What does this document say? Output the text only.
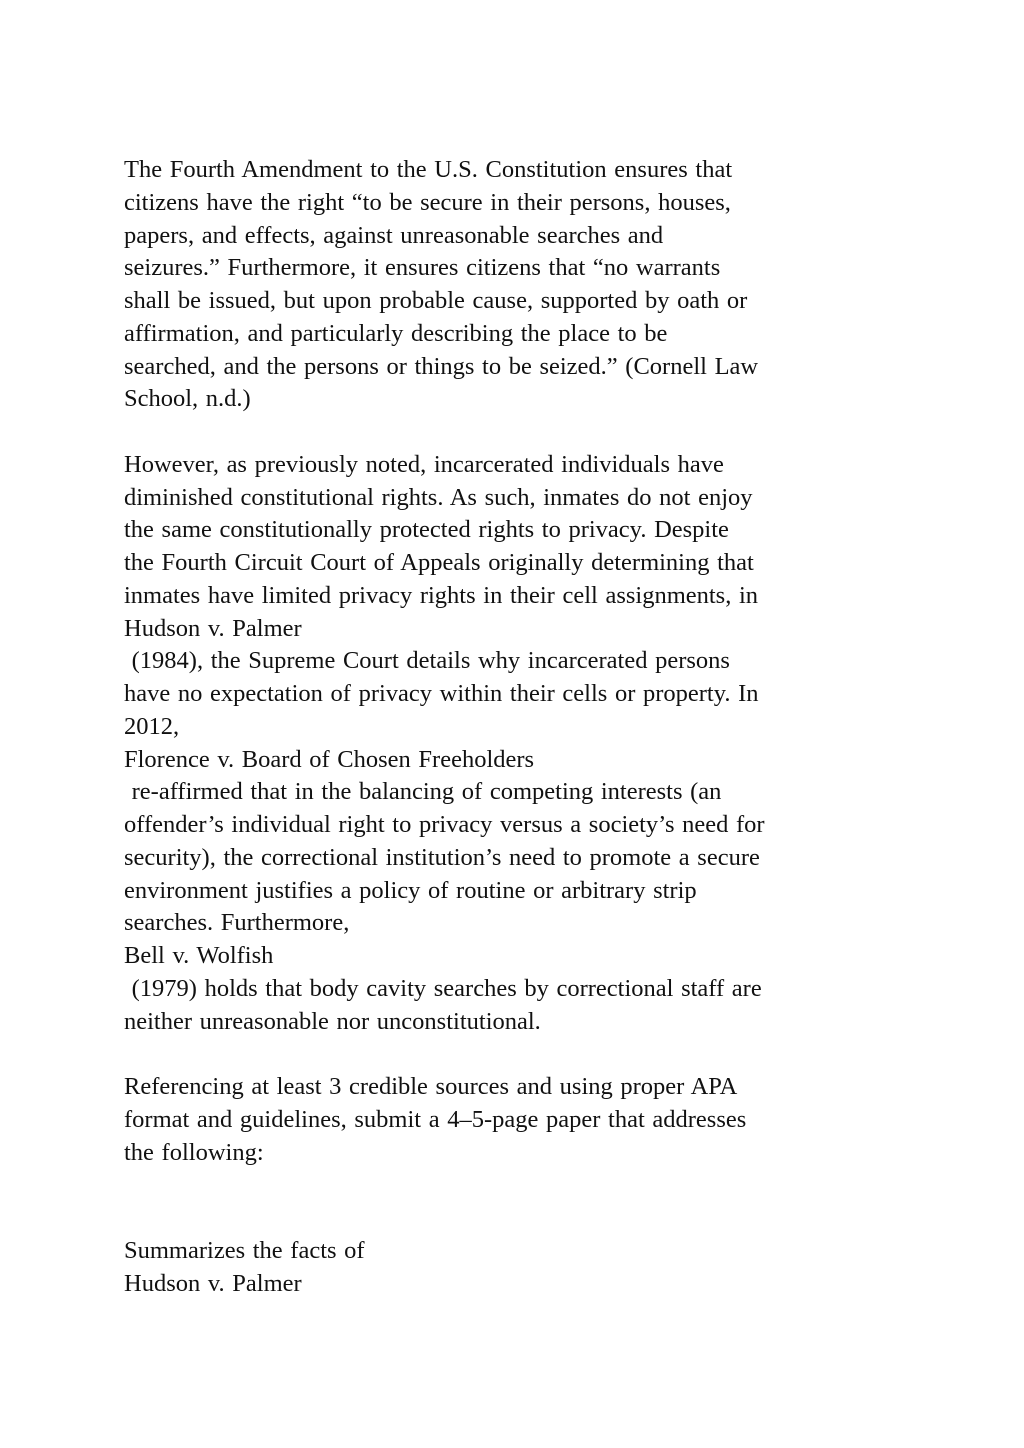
The Fourth Amendment to the U.S. Constitution ensures that
citizens have the right “to be secure in their persons, houses,
papers, and effects, against unreasonable searches and
seizures.” Furthermore, it ensures citizens that “no warrants
shall be issued, but upon probable cause, supported by oath or
affirmation, and particularly describing the place to be
searched, and the persons or things to be seized.” (Cornell Law
School, n.d.)
However, as previously noted, incarcerated individuals have
diminished constitutional rights. As such, inmates do not enjoy
the same constitutionally protected rights to privacy. Despite
the Fourth Circuit Court of Appeals originally determining that
inmates have limited privacy rights in their cell assignments, in
Hudson v. Palmer
(1984), the Supreme Court details why incarcerated persons
have no expectation of privacy within their cells or property. In
2012,
Florence v. Board of Chosen Freeholders
re-affirmed that in the balancing of competing interests (an
offender’s individual right to privacy versus a society’s need for
security), the correctional institution’s need to promote a secure
environment justifies a policy of routine or arbitrary strip
searches. Furthermore,
Bell v. Wolfish
(1979) holds that body cavity searches by correctional staff are
neither unreasonable nor unconstitutional.
Referencing at least 3 credible sources and using proper APA
format and guidelines, submit a 4–5-page paper that addresses
the following:
Summarizes the facts of
Hudson v. Palmer
